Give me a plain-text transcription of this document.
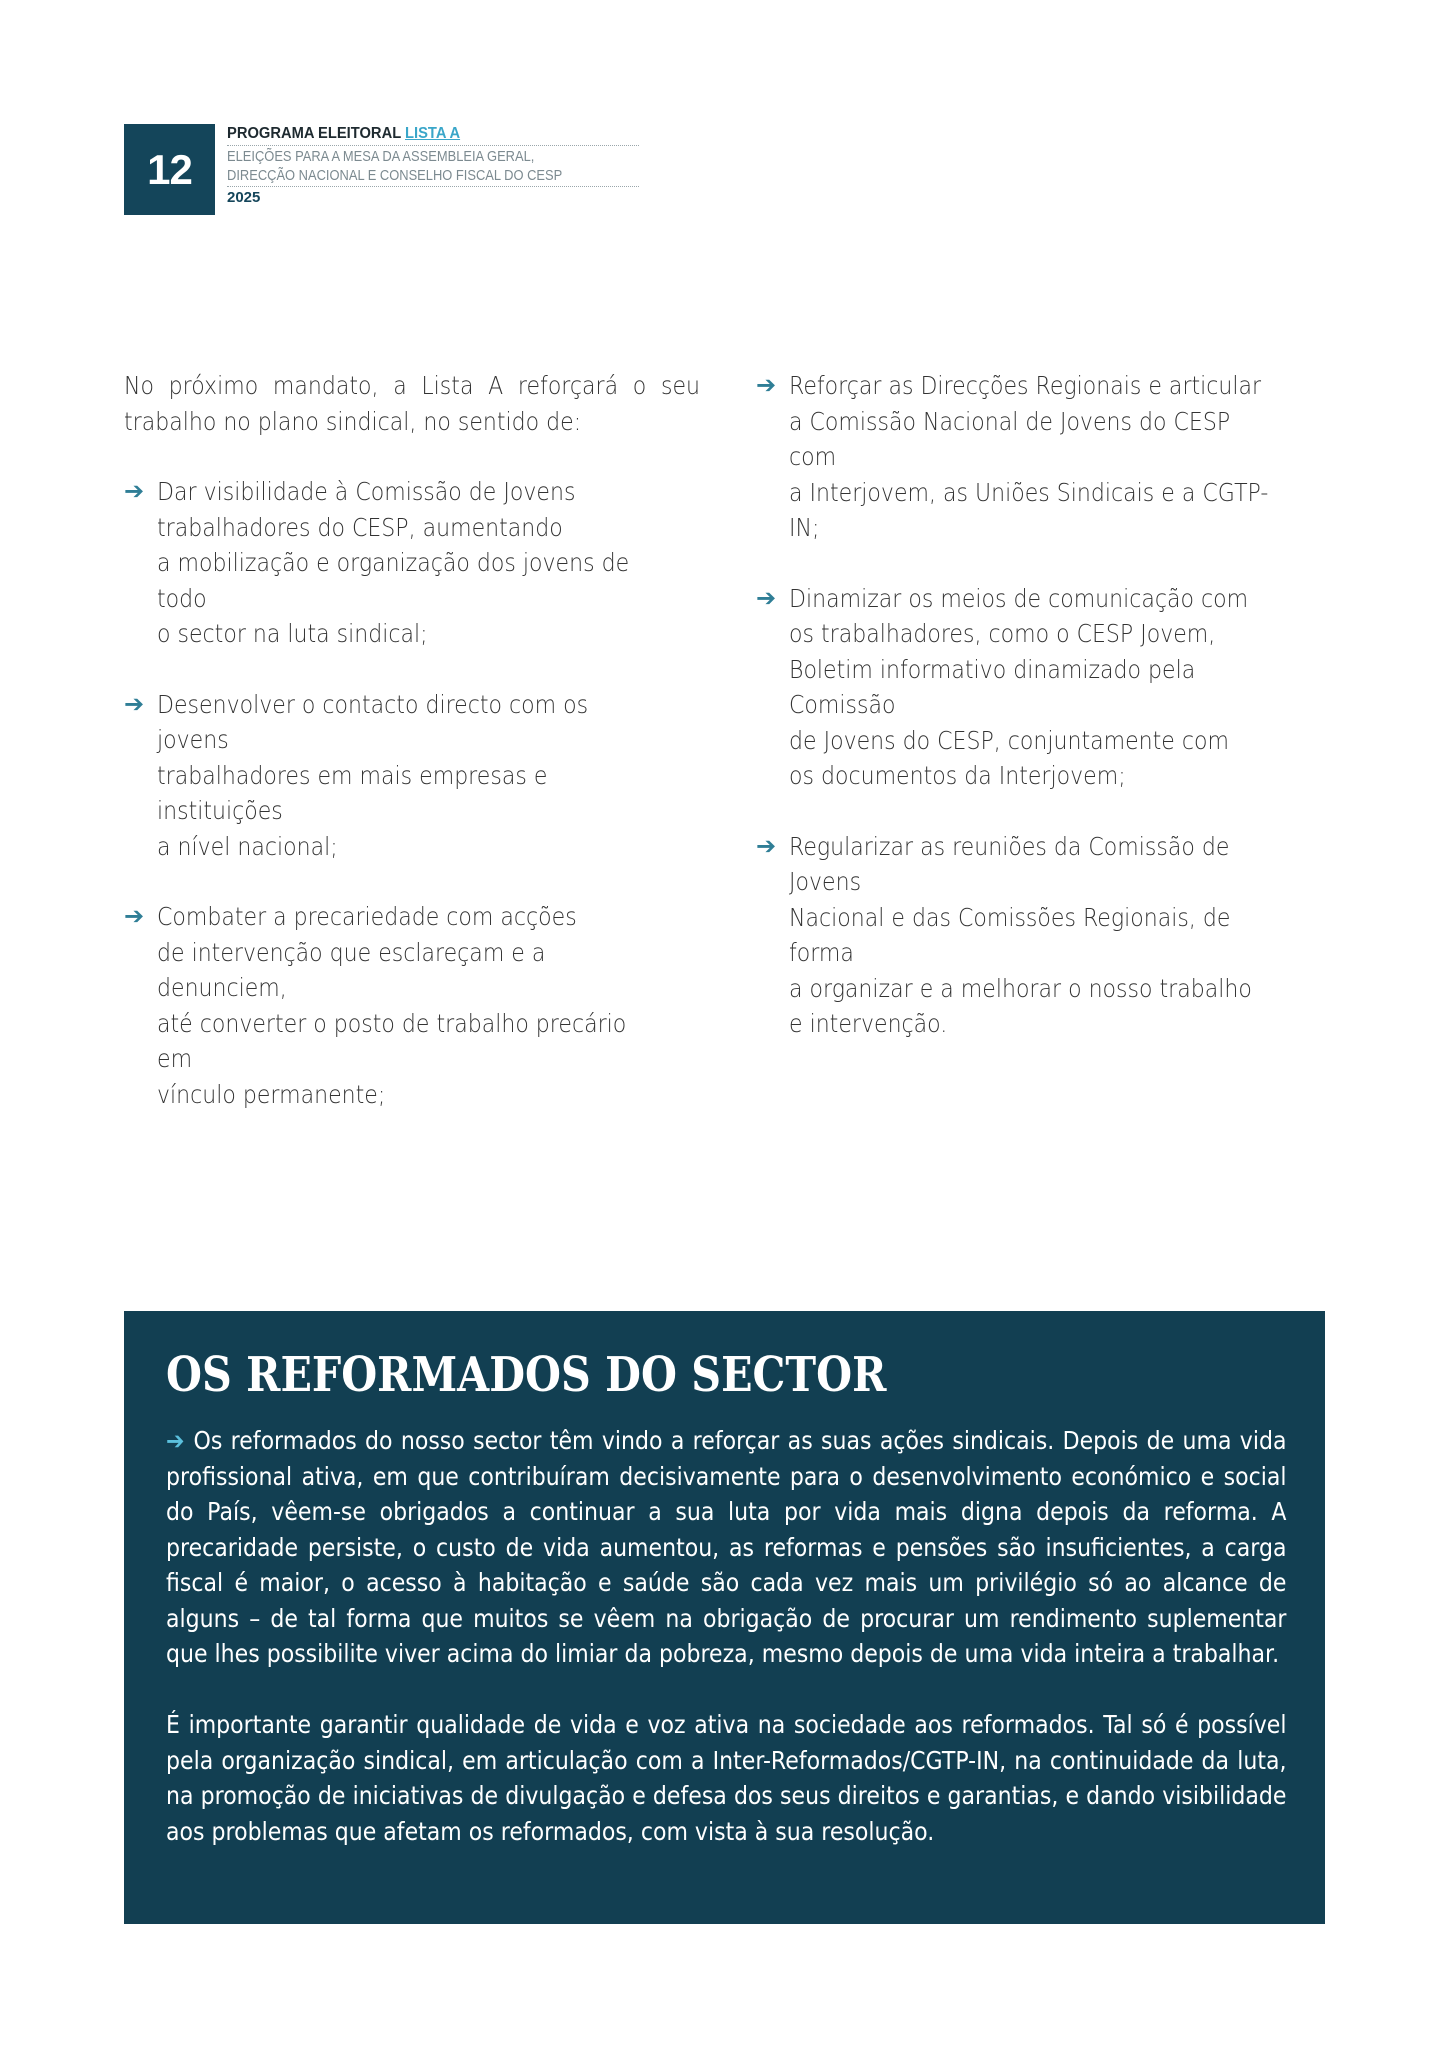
12
PROGRAMA ELEITORAL LISTA A
ELEIÇÕES PARA A MESA DA ASSEMBLEIA GERAL,
DIRECÇÃO NACIONAL E CONSELHO FISCAL DO CESP
2025

No próximo mandato, a Lista A reforçará o seu trabalho no plano sindical, no sentido de:

➔ Dar visibilidade à Comissão de Jovens
trabalhadores do CESP, aumentando
a mobilização e organização dos jovens de todo
o sector na luta sindical;
➔ Desenvolver o contacto directo com os jovens
trabalhadores em mais empresas e instituições
a nível nacional;
➔ Combater a precariedade com acções
de intervenção que esclareçam e a denunciem,
até converter o posto de trabalho precário em
vínculo permanente;
➔ Reforçar as Direcções Regionais e articular
a Comissão Nacional de Jovens do CESP com
a Interjovem, as Uniões Sindicais e a CGTP-IN;
➔ Dinamizar os meios de comunicação com
os trabalhadores, como o CESP Jovem,
Boletim informativo dinamizado pela Comissão
de Jovens do CESP, conjuntamente com
os documentos da Interjovem;
➔ Regularizar as reuniões da Comissão de Jovens
Nacional e das Comissões Regionais, de forma
a organizar e a melhorar o nosso trabalho
e intervenção.
OS REFORMADOS DO SECTOR
➔ Os reformados do nosso sector têm vindo a reforçar as suas ações sindicais. Depois de uma vida profissional ativa, em que contribuíram decisivamente para o desenvolvimento económico e social do País, vêem-se obrigados a continuar a sua luta por vida mais digna depois da reforma. A precaridade persiste, o custo de vida aumentou, as reformas e pensões são insuficientes, a carga fiscal é maior, o acesso à habitação e saúde são cada vez mais um privilégio só ao alcance de alguns – de tal forma que muitos se vêem na obrigação de procurar um rendimento suplementar que lhes possibilite viver acima do limiar da pobreza, mesmo depois de uma vida inteira a trabalhar.
É importante garantir qualidade de vida e voz ativa na sociedade aos reformados. Tal só é possível pela organização sindical, em articulação com a Inter-Reformados/CGTP-IN, na continuidade da luta, na promoção de iniciativas de divulgação e defesa dos seus direitos e garantias, e dando visibilidade aos problemas que afetam os reformados, com vista à sua resolução.
